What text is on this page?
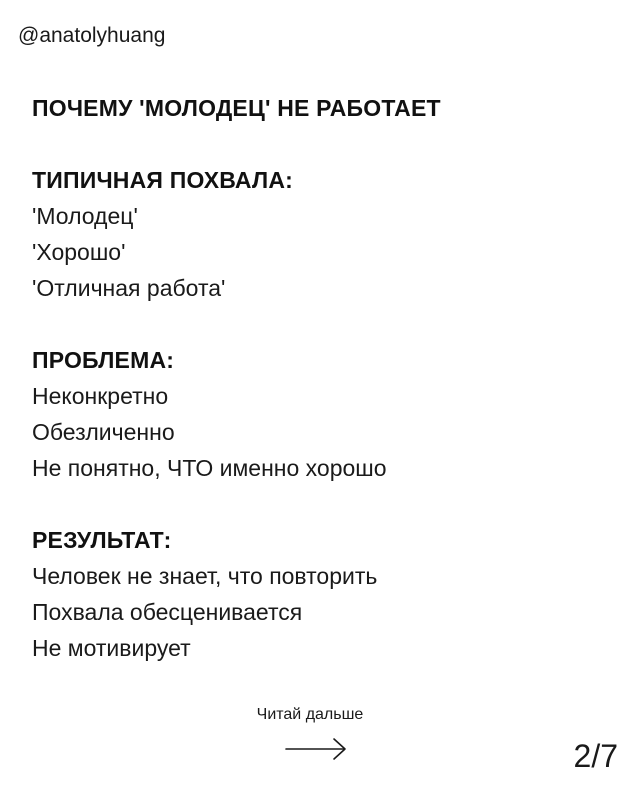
@anatolyhuang
ПОЧЕМУ 'МОЛОДЕЦ' НЕ РАБОТАЕТ
ТИПИЧНАЯ ПОХВАЛА:
'Молодец'
'Хорошо'
'Отличная работа'
ПРОБЛЕМА:
Неконкретно
Обезличенно
Не понятно, ЧТО именно хорошо
РЕЗУЛЬТАТ:
Человек не знает, что повторить
Похвала обесценивается
Не мотивирует
Читай дальше
2/7
